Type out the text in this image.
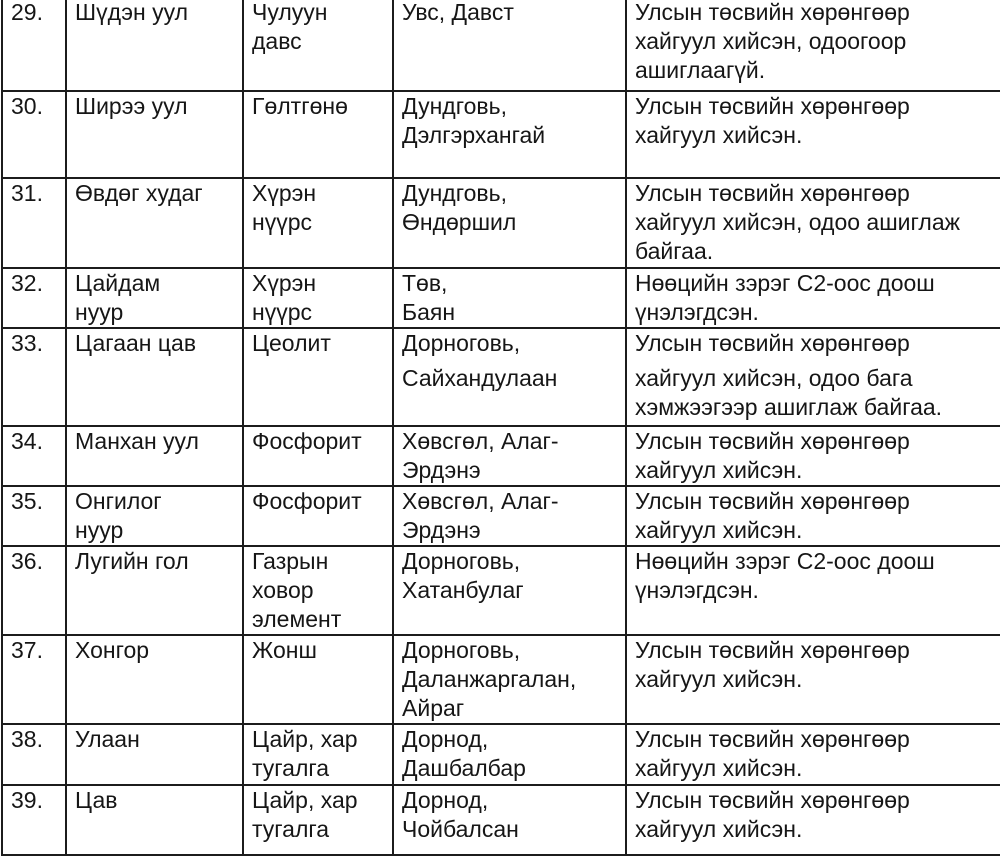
29.	Шүдэн уул	Чулуун
давс	Увс, Давст	Улсын төсвийн хөрөнгөөр
хайгуул хийсэн, одоогоор
ашиглаагүй.

30.	Ширээ уул	Гөлтгөнө	Дундговь,
Дэлгэрхангай	Улсын төсвийн хөрөнгөөр
хайгуул хийсэн.

31.	Өвдөг худаг	Хүрэн
нүүрс	Дундговь,
Өндөршил	Улсын төсвийн хөрөнгөөр
хайгуул хийсэн, одоо ашиглаж
байгаа.

32.	Цайдам
нуур	Хүрэн
нүүрс	Төв,
Баян	Нөөцийн зэрэг С2-оос доош
үнэлэгдсэн.

33.	Цагаан цав	Цеолит	Дорноговь,
Сайхандулаан	Улсын төсвийн хөрөнгөөр
хайгуул хийсэн, одоо бага
хэмжээгээр ашиглаж байгаа.

34.	Манхан уул	Фосфорит	Хөвсгөл, Алаг-
Эрдэнэ	Улсын төсвийн хөрөнгөөр
хайгуул хийсэн.

35.	Онгилог
нуур	Фосфорит	Хөвсгөл, Алаг-
Эрдэнэ	Улсын төсвийн хөрөнгөөр
хайгуул хийсэн.

36.	Лугийн гол	Газрын
ховор
элемент	Дорноговь,
Хатанбулаг	Нөөцийн зэрэг С2-оос доош
үнэлэгдсэн.

37.	Хонгор	Жонш	Дорноговь,
Даланжаргалан,
Айраг	Улсын төсвийн хөрөнгөөр
хайгуул хийсэн.

38.	Улаан	Цайр, хар
тугалга	Дорнод,
Дашбалбар	Улсын төсвийн хөрөнгөөр
хайгуул хийсэн.

39.	Цав	Цайр, хар
тугалга	Дорнод,
Чойбалсан	Улсын төсвийн хөрөнгөөр
хайгуул хийсэн.
